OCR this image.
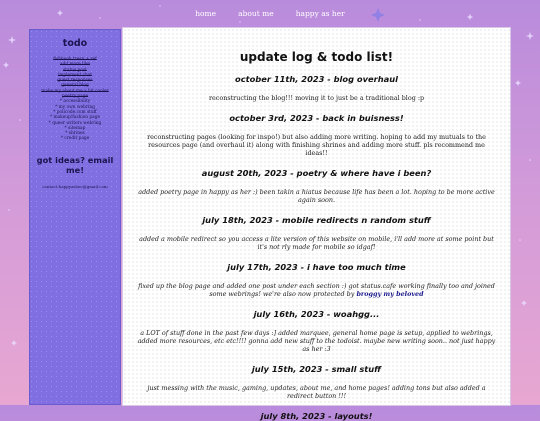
home	about me	happy as her
todo
fishhook tresn + ref
add more like
status post
implement chat
guest responses
general blog
make my about me a bit cooler
poetry page
* accessibility
* my own webring
* policode.com stuff
* makeup/fashion page
* queer writers webring
* sitemap
* shrines
* credit page
got ideas? email me!
contact.happyashee@gmail.com
update log & todo list!
october 11th, 2023 - blog overhaul

reconstructing the blog!!! moving it to just be a traditional blog :p

october 3rd, 2023 - back in buisness!

reconstructing pages (looking for inspo!) but also adding more writing. hoping to add my mutuals to the resources page (and overhaul it) along with finishing shrines and adding more stuff. pls recommend me ideas!!

august 20th, 2023 - poetry & where have i been?

added poetry page in happy as her :) been takin a hiatus because life has been a lot. hoping to be more active again soon.

july 18th, 2023 - mobile redirects n random stuff

added a mobile redirect so you access a lite version of this website on mobile, i'll add more at some point but it's not rly made for mobile so idgaf!

july 17th, 2023 - i have too much time

fixed up the blog page and added one post under each section :) got status.cafe working finally too and joined some webrings! we're also now protected by broggy my beloved

july 16th, 2023 - woahgg...

a LOT of stuff done in the past few days :] added marquee, general home page is setup, applied to webrings, added more resources, etc etc!!!! gonna add new stuff to the todoist. maybe new writing soon.. not just happy as her :3

july 15th, 2023 - small stuff

just messing with the music, gaming, updates, about me, and home pages! adding tons but also added a redirect button !!!

july 8th, 2023 - layouts!
